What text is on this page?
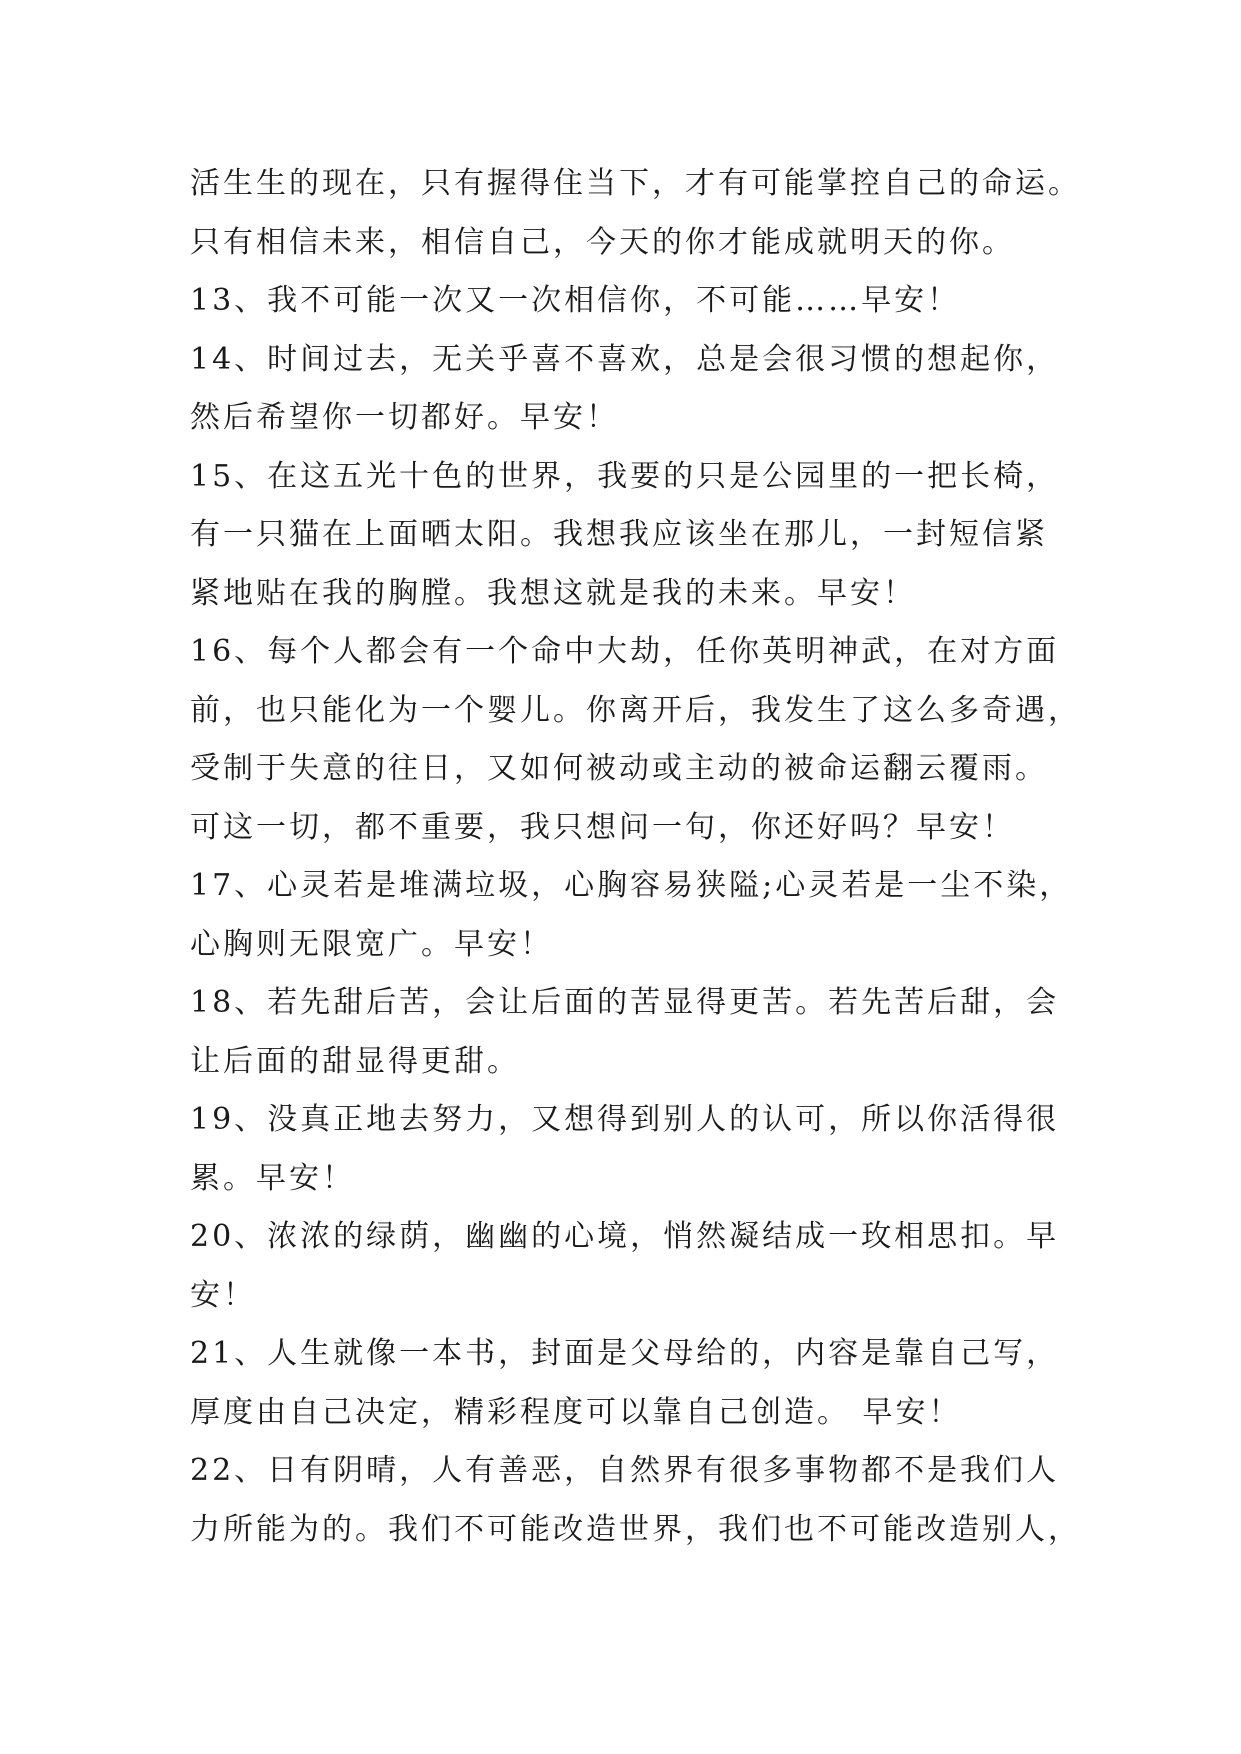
活生生的现在，只有握得住当下，才有可能掌控自己的命运。
只有相信未来，相信自己，今天的你才能成就明天的你。
13、我不可能一次又一次相信你，不可能……早安！
14、时间过去，无关乎喜不喜欢，总是会很习惯的想起你，
然后希望你一切都好。早安！
15、在这五光十色的世界，我要的只是公园里的一把长椅，
有一只猫在上面晒太阳。我想我应该坐在那儿，一封短信紧
紧地贴在我的胸膛。我想这就是我的未来。早安！
16、每个人都会有一个命中大劫，任你英明神武，在对方面
前，也只能化为一个婴儿。你离开后，我发生了这么多奇遇，
受制于失意的往日，又如何被动或主动的被命运翻云覆雨。
可这一切，都不重要，我只想问一句，你还好吗？早安！
17、心灵若是堆满垃圾，心胸容易狭隘;心灵若是一尘不染，
心胸则无限宽广。早安！
18、若先甜后苦，会让后面的苦显得更苦。若先苦后甜，会
让后面的甜显得更甜。
19、没真正地去努力，又想得到别人的认可，所以你活得很
累。早安！
20、浓浓的绿荫，幽幽的心境，悄然凝结成一玫相思扣。早
安！
21、人生就像一本书，封面是父母给的，内容是靠自己写，
厚度由自己决定，精彩程度可以靠自己创造。 早安！
22、日有阴晴，人有善恶，自然界有很多事物都不是我们人
力所能为的。我们不可能改造世界，我们也不可能改造别人，
